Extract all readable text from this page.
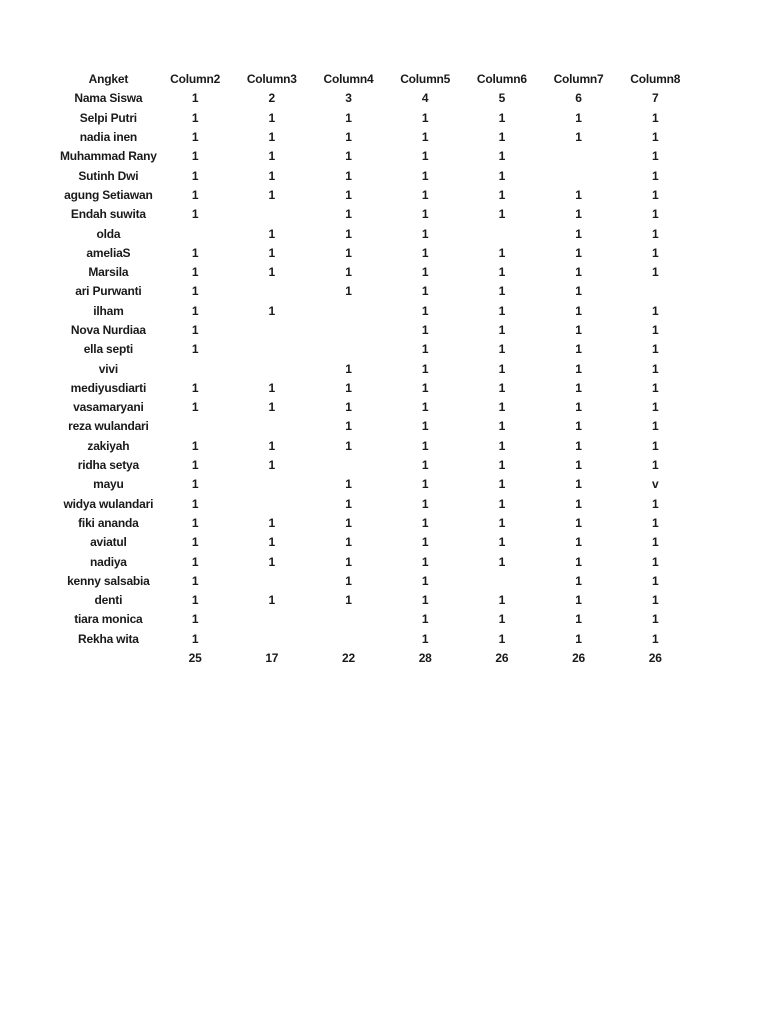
Angket	Column2	Column3	Column4	Column5	Column6	Column7	Column8
Nama Siswa	1	2	3	4	5	6	7
Selpi Putri	1	1	1	1	1	1	1
nadia inen	1	1	1	1	1	1	1
Muhammad Rany	1	1	1	1	1		1
Sutinh Dwi	1	1	1	1	1		1
agung Setiawan	1	1	1	1	1	1	1
Endah suwita	1		1	1	1	1	1
olda		1	1	1		1	1
ameliaS	1	1	1	1	1	1	1
Marsila	1	1	1	1	1	1	1
ari Purwanti	1		1	1	1	1	
ilham	1	1		1	1	1	1
Nova Nurdiaa	1			1	1	1	1
ella septi	1			1	1	1	1
vivi			1	1	1	1	1
mediyusdiarti	1	1	1	1	1	1	1
vasamaryani	1	1	1	1	1	1	1
reza wulandari			1	1	1	1	1
zakiyah	1	1	1	1	1	1	1
ridha setya	1	1		1	1	1	1
mayu	1		1	1	1	1	v
widya wulandari	1		1	1	1	1	1
fiki ananda	1	1	1	1	1	1	1
aviatul	1	1	1	1	1	1	1
nadiya	1	1	1	1	1	1	1
kenny salsabia	1		1	1		1	1
denti	1	1	1	1	1	1	1
tiara monica	1			1	1	1	1
Rekha wita	1			1	1	1	1
	25	17	22	28	26	26	26
